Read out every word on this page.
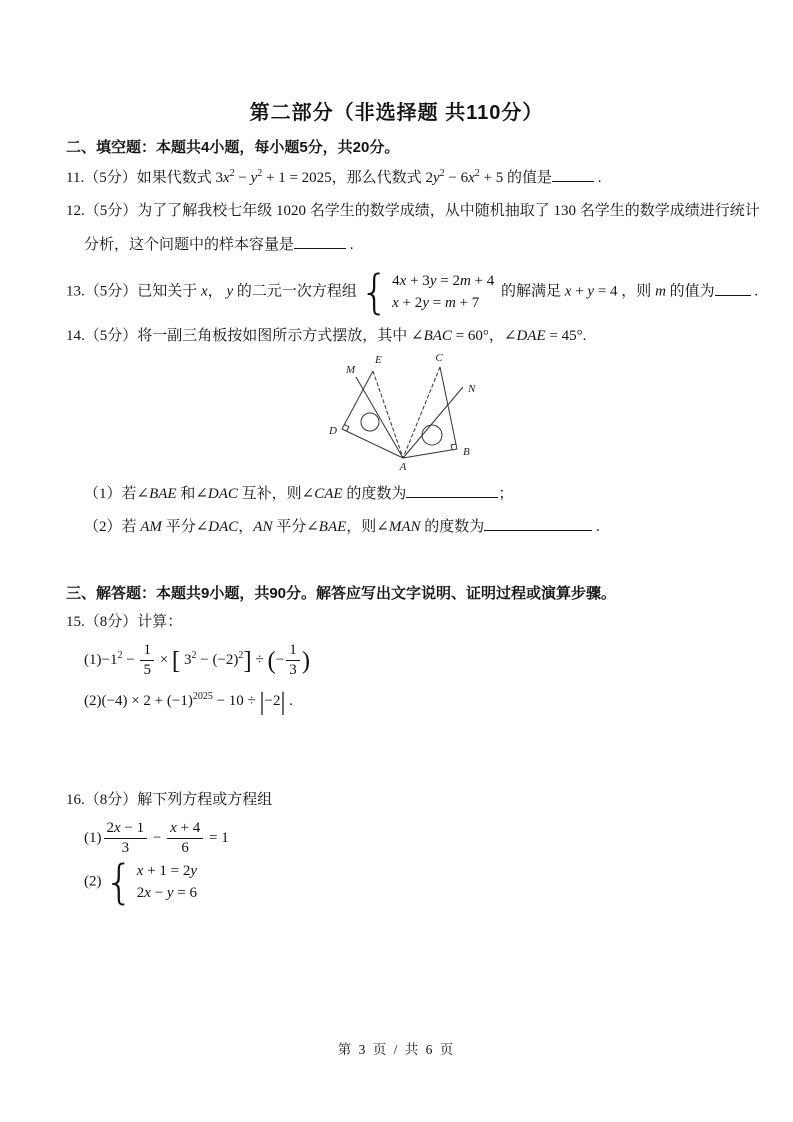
第二部分（非选择题 共110分）
二、填空题：本题共4小题，每小题5分，共20分。
11.（5分）如果代数式 $3x^2 - y^2 + 1 = 2025$，那么代数式 $2y^2 - 6x^2 + 5$ 的值是	.
12.（5分）为了了解我校七年级 1020 名学生的数学成绩，从中随机抽取了 130 名学生的数学成绩进行统计
分析，这个问题中的样本容量是	.
13.（5分）已知关于 x， y 的二元一次方程组 { 4x + 3y = 2m + 4
x + 2y = m + 7
的解满足 x + y = 4 ，则 m 的值为 .
14.（5分）将一副三角板按如图所示方式摆放，其中 ∠BAC = 60°，∠DAE = 45°.
A
B
C
D
E
M
N
（1）若∠BAE 和∠DAC 互补，则∠CAE 的度数为	；
（2）若 AM 平分∠DAC，AN 平分∠BAE，则∠MAN 的度数为	.
三、解答题：本题共9小题，共90分。解答应写出文字说明、证明过程或演算步骤。
15.（8分）计算：
$(1)-1^2 - \frac{1}{5}$ × [ $3^2 - (-2)^2$] ÷ (− $\frac{1}{3}$ )
$(2)(-4) \times 2 + (-1)^{2025} - 10 \div |-2|$ .
16.（8分）解下列方程或方程组
$(1) \frac{2x - 1}{3} - \frac{x + 4}{6} = 1$
(2) { x + 1 = 2y
2x − y = 6
第 3 页 / 共 6 页
